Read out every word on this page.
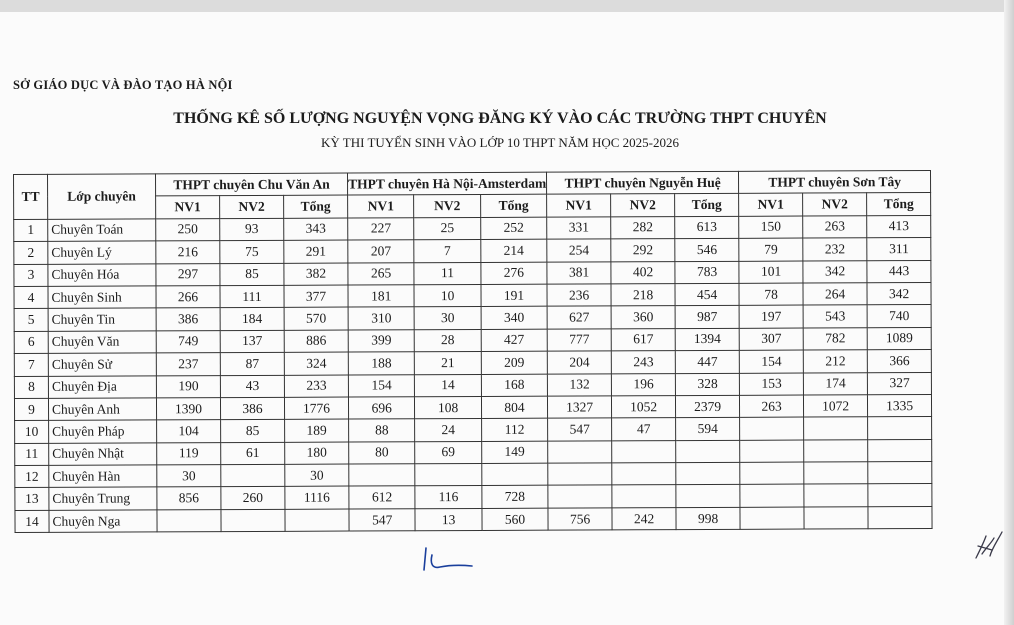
SỞ GIÁO DỤC VÀ ĐÀO TẠO HÀ NỘI
THỐNG KÊ SỐ LƯỢNG NGUYỆN VỌNG ĐĂNG KÝ VÀO CÁC TRƯỜNG THPT CHUYÊN
KỲ THI TUYỂN SINH VÀO LỚP 10 THPT NĂM HỌC 2025-2026
TT	Lớp chuyên	THPT chuyên Chu Văn An			THPT chuyên Hà Nội-Amsterdam			THPT chuyên Nguyễn Huệ			THPT chuyên Sơn Tây		
		NV1	NV2	Tổng	NV1	NV2	Tổng	NV1	NV2	Tổng	NV1	NV2	Tổng
1	Chuyên Toán	250	93	343	227	25	252	331	282	613	150	263	413
2	Chuyên Lý	216	75	291	207	7	214	254	292	546	79	232	311
3	Chuyên Hóa	297	85	382	265	11	276	381	402	783	101	342	443
4	Chuyên Sinh	266	111	377	181	10	191	236	218	454	78	264	342
5	Chuyên Tin	386	184	570	310	30	340	627	360	987	197	543	740
6	Chuyên Văn	749	137	886	399	28	427	777	617	1394	307	782	1089
7	Chuyên Sử	237	87	324	188	21	209	204	243	447	154	212	366
8	Chuyên Địa	190	43	233	154	14	168	132	196	328	153	174	327
9	Chuyên Anh	1390	386	1776	696	108	804	1327	1052	2379	263	1072	1335
10	Chuyên Pháp	104	85	189	88	24	112	547	47	594			
11	Chuyên Nhật	119	61	180	80	69	149						
12	Chuyên Hàn	30		30									
13	Chuyên Trung	856	260	1116	612	116	728						
14	Chuyên Nga				547	13	560	756	242	998			
